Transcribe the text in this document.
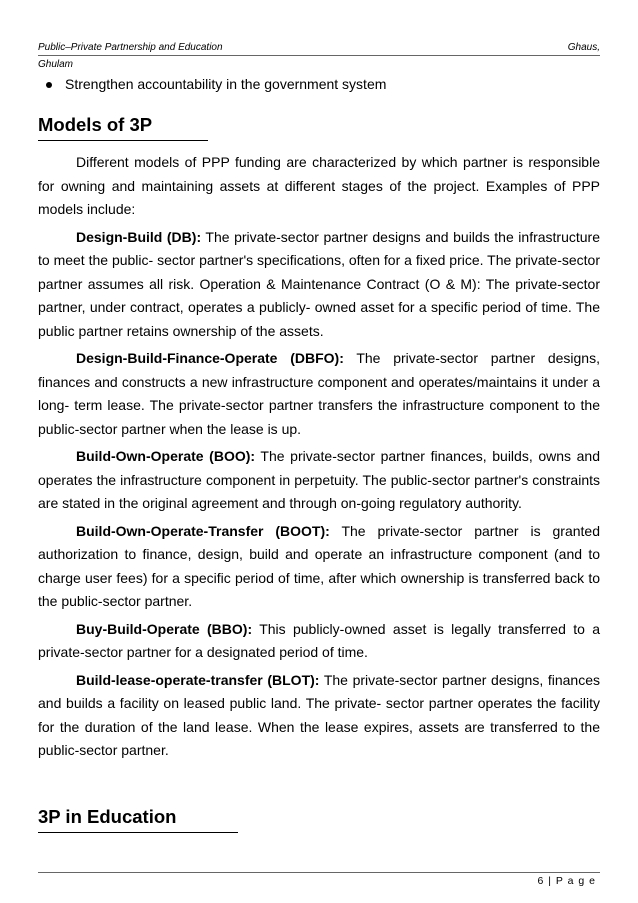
Public–Private Partnership and Education	Ghaus,
Ghulam
Strengthen accountability in the government system
Models of 3P

Different models of PPP funding are characterized by which partner is responsible for owning and maintaining assets at different stages of the project. Examples of PPP models include:

Design-Build (DB): The private-sector partner designs and builds the infrastructure to meet the public- sector partner's specifications, often for a fixed price. The private-sector partner assumes all risk. Operation & Maintenance Contract (O & M): The private-sector partner, under contract, operates a publicly- owned asset for a specific period of time. The public partner retains ownership of the assets.

Design-Build-Finance-Operate (DBFO): The private-sector partner designs, finances and constructs a new infrastructure component and operates/maintains it under a long- term lease. The private-sector partner transfers the infrastructure component to the public-sector partner when the lease is up.

Build-Own-Operate (BOO): The private-sector partner finances, builds, owns and operates the infrastructure component in perpetuity. The public-sector partner's constraints are stated in the original agreement and through on-going regulatory authority.

Build-Own-Operate-Transfer (BOOT): The private-sector partner is granted authorization to finance, design, build and operate an infrastructure component (and to charge user fees) for a specific period of time, after which ownership is transferred back to the public-sector partner.

Buy-Build-Operate (BBO): This publicly-owned asset is legally transferred to a private-sector partner for a designated period of time.

Build-lease-operate-transfer (BLOT): The private-sector partner designs, finances and builds a facility on leased public land. The private- sector partner operates the facility for the duration of the land lease. When the lease expires, assets are transferred to the public-sector partner.

3P in Education
6 | P a g e
